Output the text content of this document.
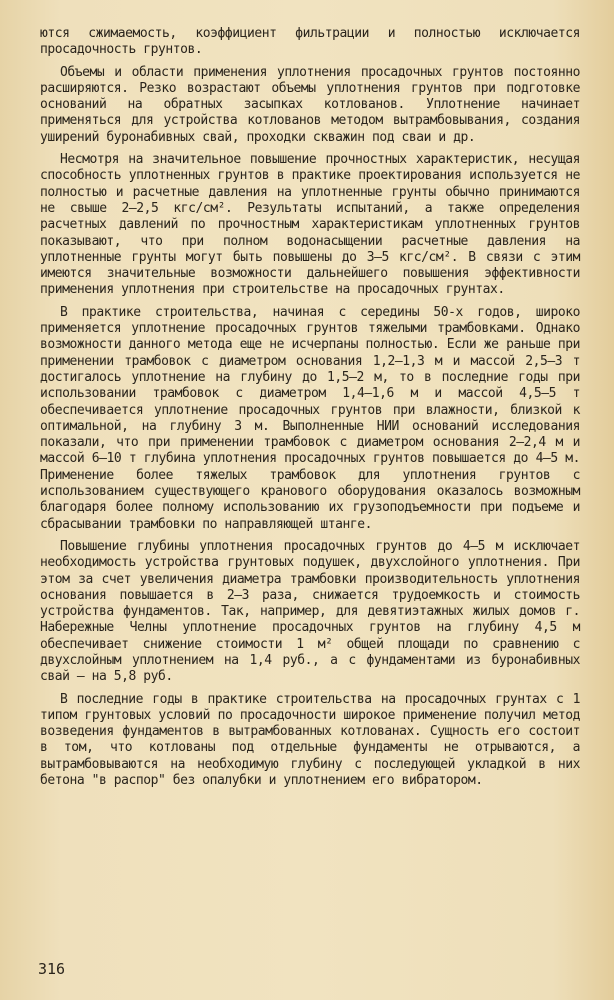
ются сжимаемость, коэффициент фильтрации и полностью исключается просадочность грунтов.

Объемы и области применения уплотнения просадочных грунтов постоянно расширяются. Резко возрастают объемы уплотнения грунтов при подготовке оснований на обратных засыпках котлованов. Уплотнение начинает применяться для устройства котлованов методом вытрамбовывания, создания уширений буронабивных свай, проходки скважин под сваи и др.

Несмотря на значительное повышение прочностных характеристик, несущая способность уплотненных грунтов в практике проектирования используется не полностью и расчетные давления на уплотненные грунты обычно принимаются не свыше 2–2,5 кгс/см². Результаты испытаний, а также определения расчетных давлений по прочностным характеристикам уплотненных грунтов показывают, что при полном водонасыщении расчетные давления на уплотненные грунты могут быть повышены до 3–5 кгс/см². В связи с этим имеются значительные возможности дальнейшего повышения эффективности применения уплотнения при строительстве на просадочных грунтах.

В практике строительства, начиная с середины 50-х годов, широко применяется уплотнение просадочных грунтов тяжелыми трамбовками. Однако возможности данного метода еще не исчерпаны полностью. Если же раньше при применении трамбовок с диаметром основания 1,2–1,3 м и массой 2,5–3 т достигалось уплотнение на глубину до 1,5–2 м, то в последние годы при использовании трамбовок с диаметром 1,4–1,6 м и массой 4,5–5 т обеспечивается уплотнение просадочных грунтов при влажности, близкой к оптимальной, на глубину 3 м. Выполненные НИИ оснований исследования показали, что при применении трамбовок с диаметром основания 2–2,4 м и массой 6–10 т глубина уплотнения просадочных грунтов повышается до 4–5 м. Применение более тяжелых трамбовок для уплотнения грунтов с использованием существующего кранового оборудования оказалось возможным благодаря более полному использованию их грузоподъемности при подъеме и сбрасывании трамбовки по направляющей штанге.

Повышение глубины уплотнения просадочных грунтов до 4–5 м исключает необходимость устройства грунтовых подушек, двухслойного уплотнения. При этом за счет увеличения диаметра трамбовки производительность уплотнения основания повышается в 2–3 раза, снижается трудоемкость и стоимость устройства фундаментов. Так, например, для девятиэтажных жилых домов г. Набережные Челны уплотнение просадочных грунтов на глубину 4,5 м обеспечивает снижение стоимости 1 м² общей площади по сравнению с двухслойным уплотнением на 1,4 руб., а с фундаментами из буронабивных свай – на 5,8 руб.

В последние годы в практике строительства на просадочных грунтах с 1 типом грунтовых условий по просадочности широкое применение получил метод возведения фундаментов в вытрамбованных котлованах. Сущность его состоит в том, что котлованы под отдельные фундаменты не отрываются, а вытрамбовываются на необходимую глубину с последующей укладкой в них бетона "в распор" без опалубки и уплотнением его вибратором.

316
